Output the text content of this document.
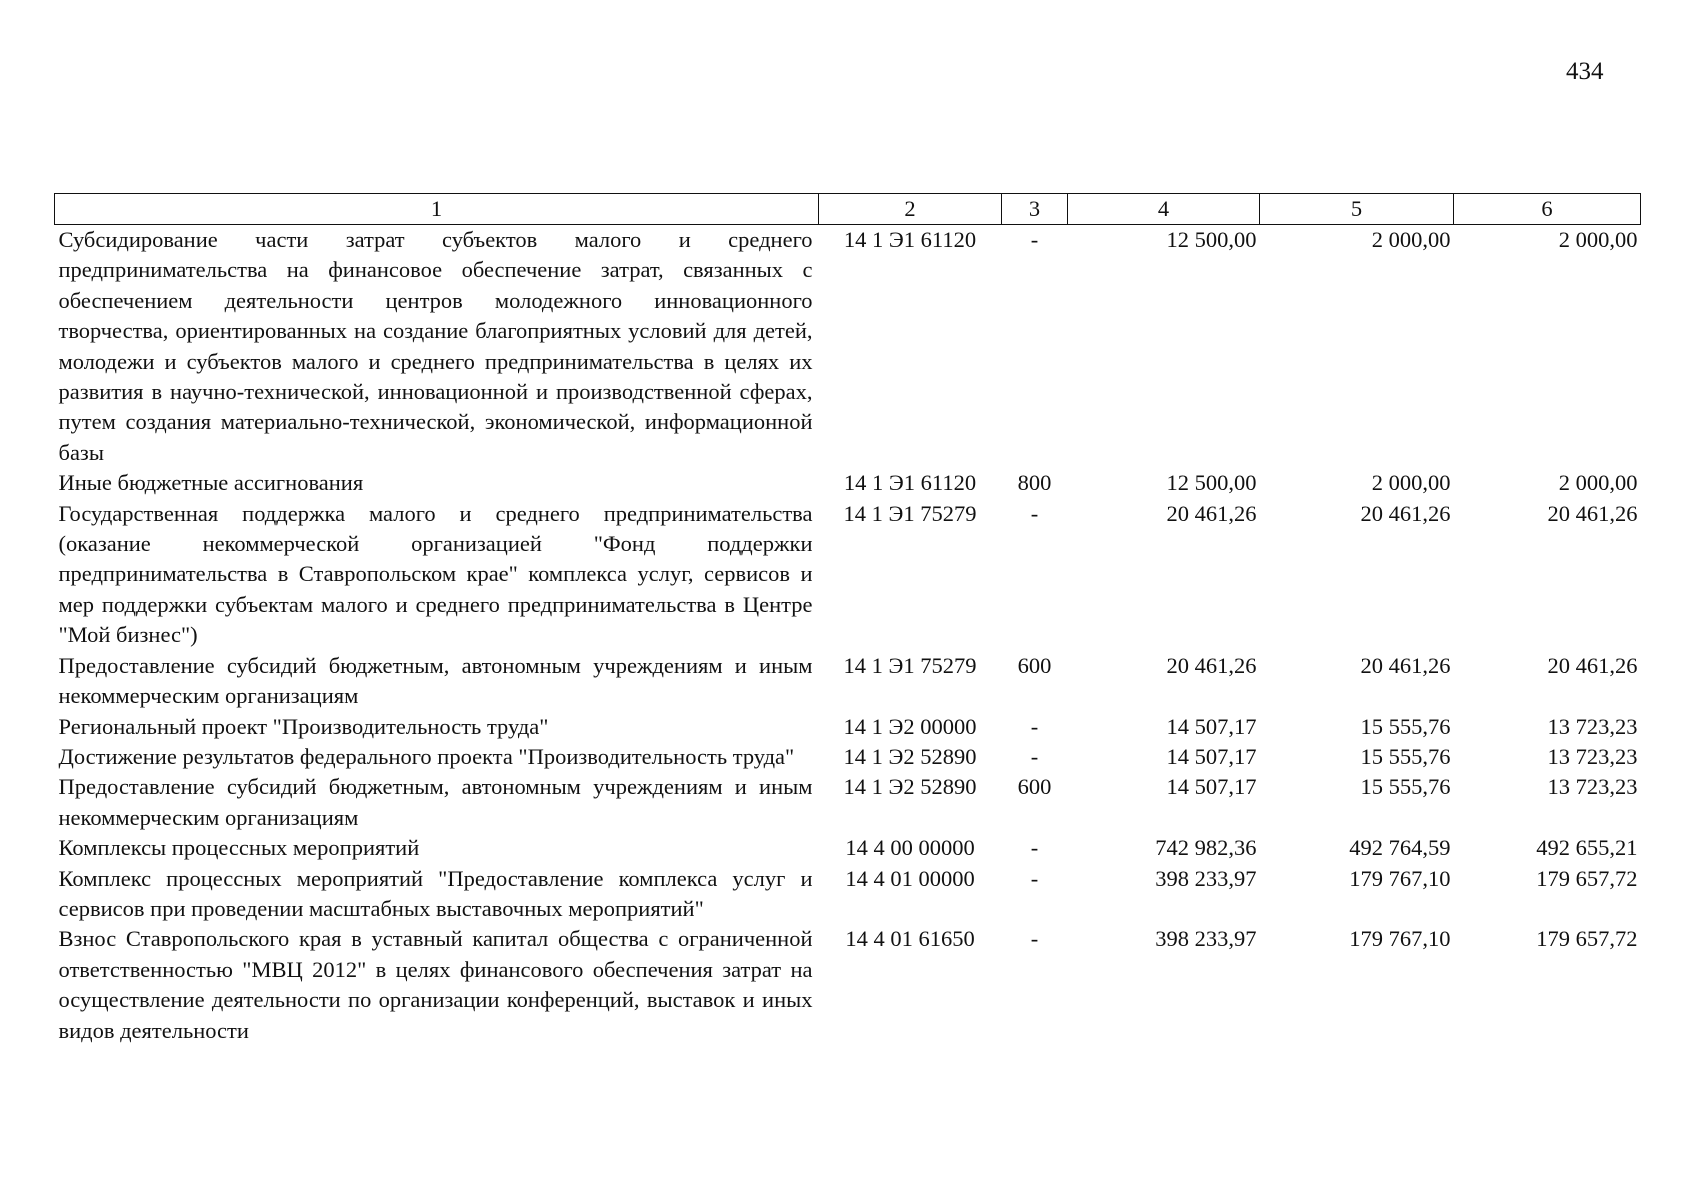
434
1	2	3	4	5	6
Субсидирование части затрат субъектов малого и среднего предпринимательства на финансовое обеспечение затрат, связанных с обеспечением деятельности центров молодежного инновационного творчества, ориентированных на создание благоприятных условий для детей, молодежи и субъектов малого и среднего предпринимательства в целях их развития в научно-технической, инновационной и производственной сферах, путем создания материально-технической, экономической, информационной базы	14 1 Э1 61120	-	12 500,00	2 000,00	2 000,00
Иные бюджетные ассигнования	14 1 Э1 61120	800	12 500,00	2 000,00	2 000,00
Государственная поддержка малого и среднего предпринимательства (оказание некоммерческой организацией "Фонд поддержки предпринимательства в Ставропольском крае" комплекса услуг, сервисов и мер поддержки субъектам малого и среднего предпринимательства в Центре "Мой бизнес")	14 1 Э1 75279	-	20 461,26	20 461,26	20 461,26
Предоставление субсидий бюджетным, автономным учреждениям и иным некоммерческим организациям	14 1 Э1 75279	600	20 461,26	20 461,26	20 461,26
Региональный проект "Производительность труда"	14 1 Э2 00000	-	14 507,17	15 555,76	13 723,23
Достижение результатов федерального проекта "Производительность труда"	14 1 Э2 52890	-	14 507,17	15 555,76	13 723,23
Предоставление субсидий бюджетным, автономным учреждениям и иным некоммерческим организациям	14 1 Э2 52890	600	14 507,17	15 555,76	13 723,23
Комплексы процессных мероприятий	14 4 00 00000	-	742 982,36	492 764,59	492 655,21
Комплекс процессных мероприятий "Предоставление комплекса услуг и сервисов при проведении масштабных выставочных мероприятий"	14 4 01 00000	-	398 233,97	179 767,10	179 657,72
Взнос Ставропольского края в уставный капитал общества с ограниченной ответственностью "МВЦ 2012" в целях финансового обеспечения затрат на осуществление деятельности по организации конференций, выставок и иных видов деятельности	14 4 01 61650	-	398 233,97	179 767,10	179 657,72
